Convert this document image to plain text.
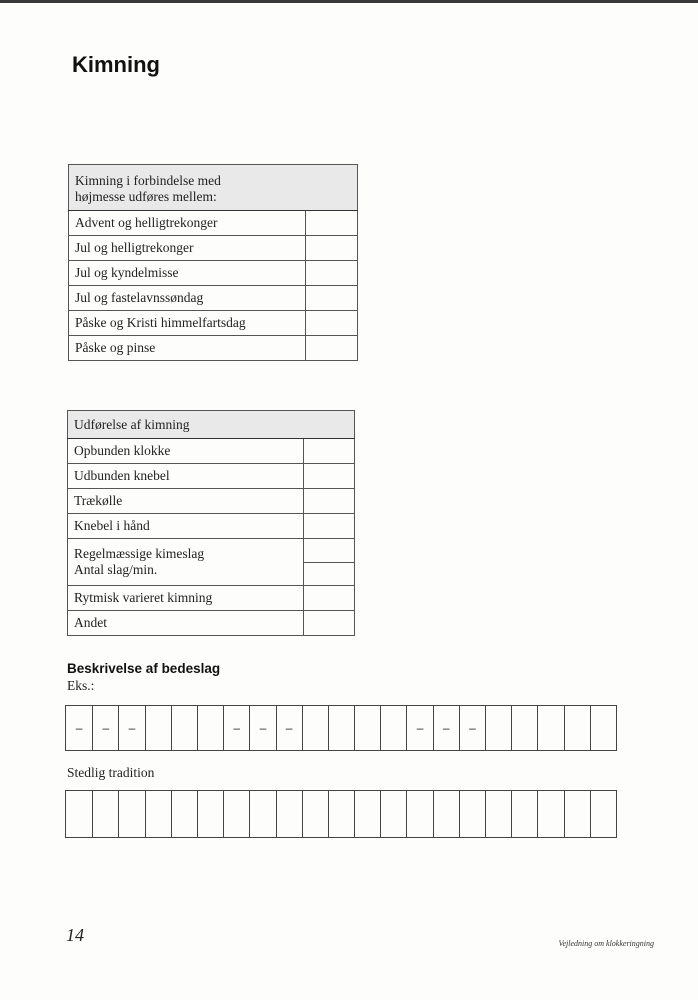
Kimning
Kimning i forbindelse med
højmesse udføres mellem:	

Advent og helligtrekonger	
Jul og helligtrekonger	
Jul og kyndelmisse	
Jul og fastelavnssøndag	
Påske og Kristi himmelfartsdag	
Påske og pinse	
Udførelse af kimning	
Opbunden klokke	
Udbunden knebel	
Trækølle	
Knebel i hånd	

Regelmæssige kimeslag
Antal slag/min.	

Rytmisk varieret kimning	
Andet	
Beskrivelse af bedeslag
Eks.:
–	–	–	–	–	–	–	–	–
Stedlig tradition
14	Vejledning om klokkeringning
